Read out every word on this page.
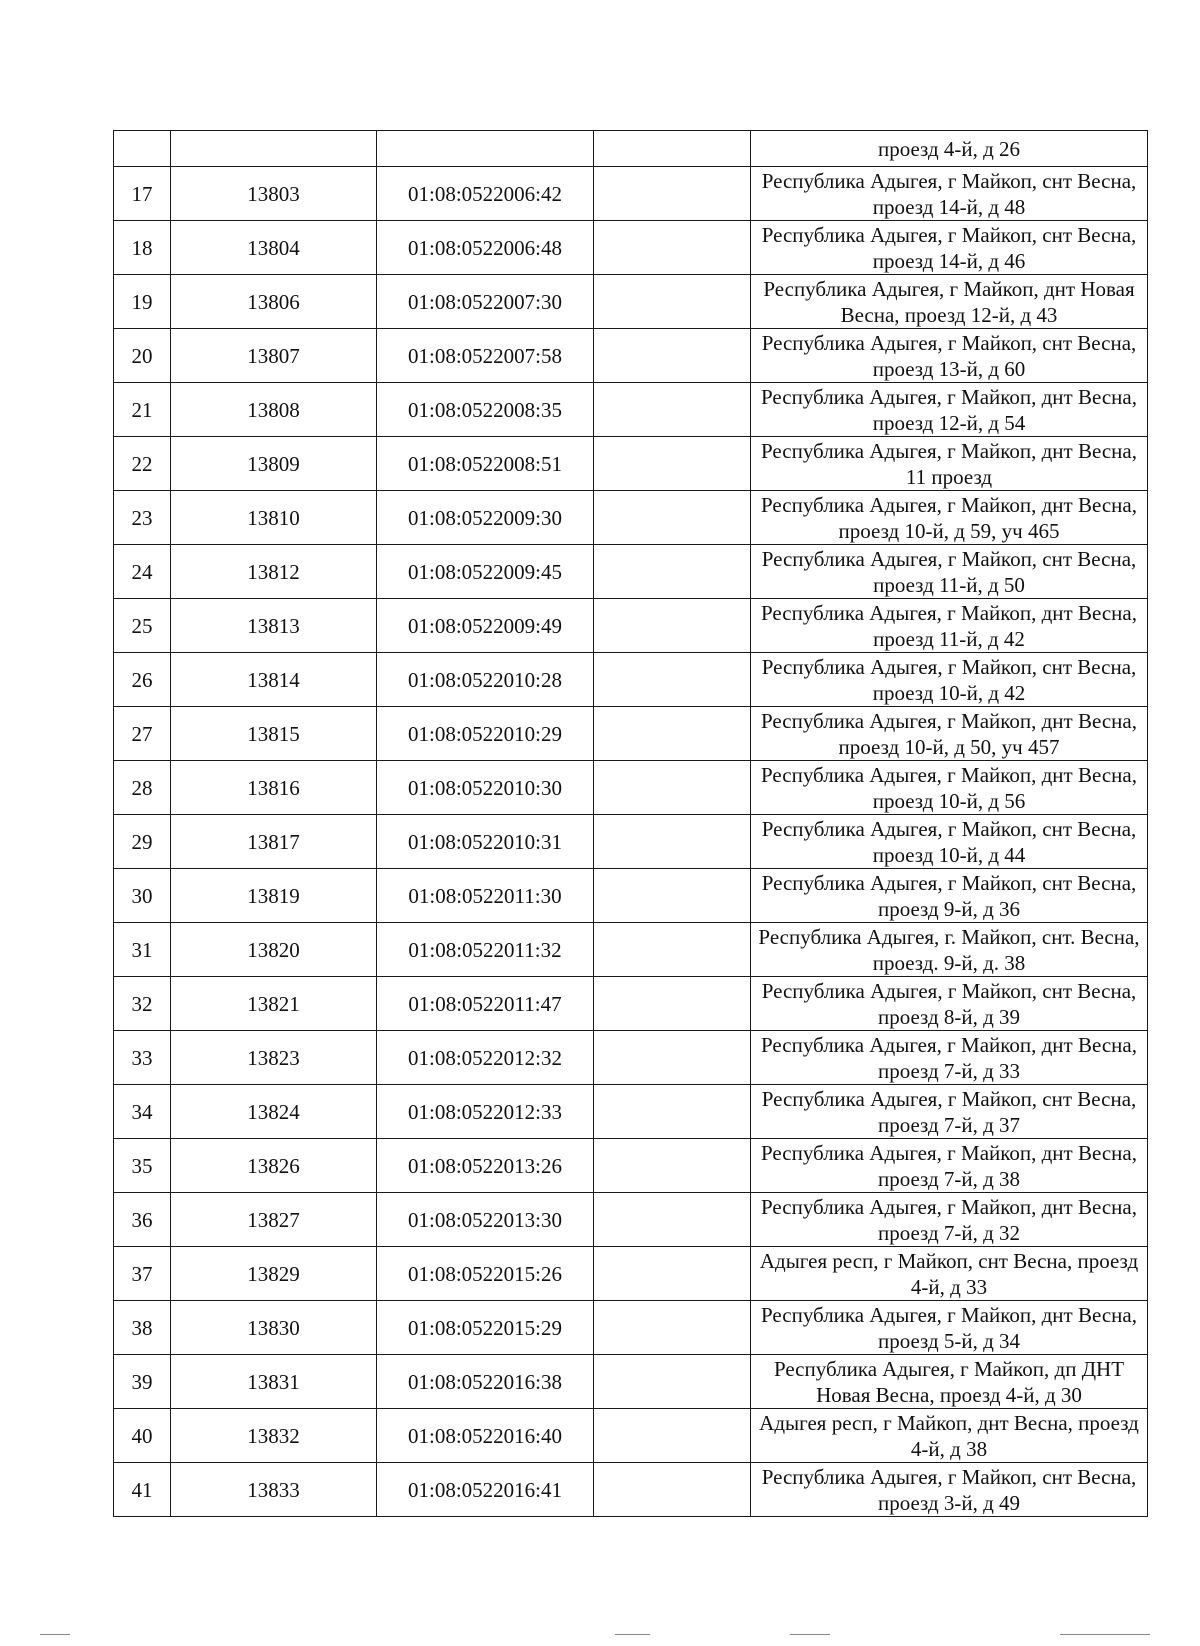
				проезд 4-й, д 26
17	13803	01:08:0522006:42		Республика Адыгея, г Майкоп, снт Весна, проезд 14-й, д 48
18	13804	01:08:0522006:48		Республика Адыгея, г Майкоп, снт Весна, проезд 14-й, д 46
19	13806	01:08:0522007:30		Республика Адыгея, г Майкоп, днт Новая Весна, проезд 12-й, д 43
20	13807	01:08:0522007:58		Республика Адыгея, г Майкоп, снт Весна, проезд 13-й, д 60
21	13808	01:08:0522008:35		Республика Адыгея, г Майкоп, днт Весна, проезд 12-й, д 54
22	13809	01:08:0522008:51		Республика Адыгея, г Майкоп, днт Весна, 11 проезд
23	13810	01:08:0522009:30		Республика Адыгея, г Майкоп, днт Весна, проезд 10-й, д 59, уч 465
24	13812	01:08:0522009:45		Республика Адыгея, г Майкоп, снт Весна, проезд 11-й, д 50
25	13813	01:08:0522009:49		Республика Адыгея, г Майкоп, днт Весна, проезд 11-й, д 42
26	13814	01:08:0522010:28		Республика Адыгея, г Майкоп, снт Весна, проезд 10-й, д 42
27	13815	01:08:0522010:29		Республика Адыгея, г Майкоп, днт Весна, проезд 10-й, д 50, уч 457
28	13816	01:08:0522010:30		Республика Адыгея, г Майкоп, днт Весна, проезд 10-й, д 56
29	13817	01:08:0522010:31		Республика Адыгея, г Майкоп, снт Весна, проезд 10-й, д 44
30	13819	01:08:0522011:30		Республика Адыгея, г Майкоп, снт Весна, проезд 9-й, д 36
31	13820	01:08:0522011:32		Республика Адыгея, г. Майкоп, снт. Весна, проезд. 9-й, д. 38
32	13821	01:08:0522011:47		Республика Адыгея, г Майкоп, снт Весна, проезд 8-й, д 39
33	13823	01:08:0522012:32		Республика Адыгея, г Майкоп, днт Весна, проезд 7-й, д 33
34	13824	01:08:0522012:33		Республика Адыгея, г Майкоп, снт Весна, проезд 7-й, д 37
35	13826	01:08:0522013:26		Республика Адыгея, г Майкоп, днт Весна, проезд 7-й, д 38
36	13827	01:08:0522013:30		Республика Адыгея, г Майкоп, днт Весна, проезд 7-й, д 32
37	13829	01:08:0522015:26		Адыгея респ, г Майкоп, снт Весна, проезд 4-й, д 33
38	13830	01:08:0522015:29		Республика Адыгея, г Майкоп, днт Весна, проезд 5-й, д 34
39	13831	01:08:0522016:38		Республика Адыгея, г Майкоп, дп ДНТ Новая Весна, проезд 4-й, д 30
40	13832	01:08:0522016:40		Адыгея респ, г Майкоп, днт Весна, проезд 4-й, д 38
41	13833	01:08:0522016:41		Республика Адыгея, г Майкоп, снт Весна, проезд 3-й, д 49
